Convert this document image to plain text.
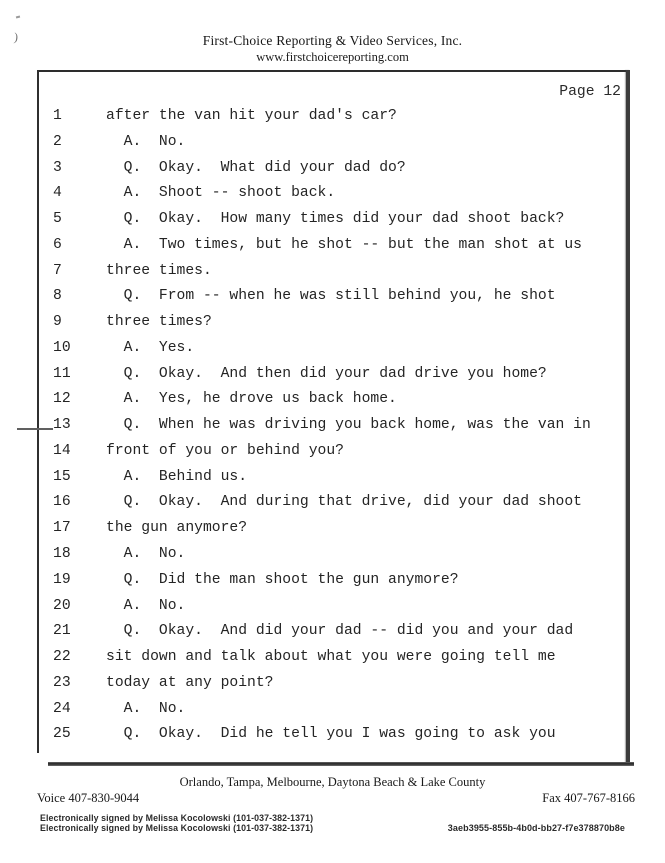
First-Choice Reporting & Video Services, Inc.
www.firstchoicereporting.com
)
Page 12
1	after the van hit your dad's car?
2	A.  No.
3	Q.  Okay.  What did your dad do?
4	A.  Shoot -- shoot back.
5	Q.  Okay.  How many times did your dad shoot back?
6	A.  Two times, but he shot -- but the man shot at us
7	three times.
8	Q.  From -- when he was still behind you, he shot
9	three times?
10  A.  Yes.
11  Q.  Okay.  And then did your dad drive you home?
12  A.  Yes, he drove us back home.
13  Q.  When he was driving you back home, was the van in
14 front of you or behind you?
15  A.  Behind us.
16  Q.  Okay.  And during that drive, did your dad shoot
17 the gun anymore?
18  A.  No.
19  Q.  Did the man shoot the gun anymore?
20  A.  No.
21  Q.  Okay.  And did your dad -- did you and your dad
22 sit down and talk about what you were going tell me
23 today at any point?
24  A.  No.
25  Q.  Okay.  Did he tell you I was going to ask you
Orlando, Tampa, Melbourne, Daytona Beach & Lake County
Voice 407-830-9044	Fax 407-767-8166
Electronically signed by Melissa Kocolowski (101-037-382-1371)
Electronically signed by Melissa Kocolowski (101-037-382-1371)	3aeb3955-855b-4b0d-bb27-f7e378870b8e
